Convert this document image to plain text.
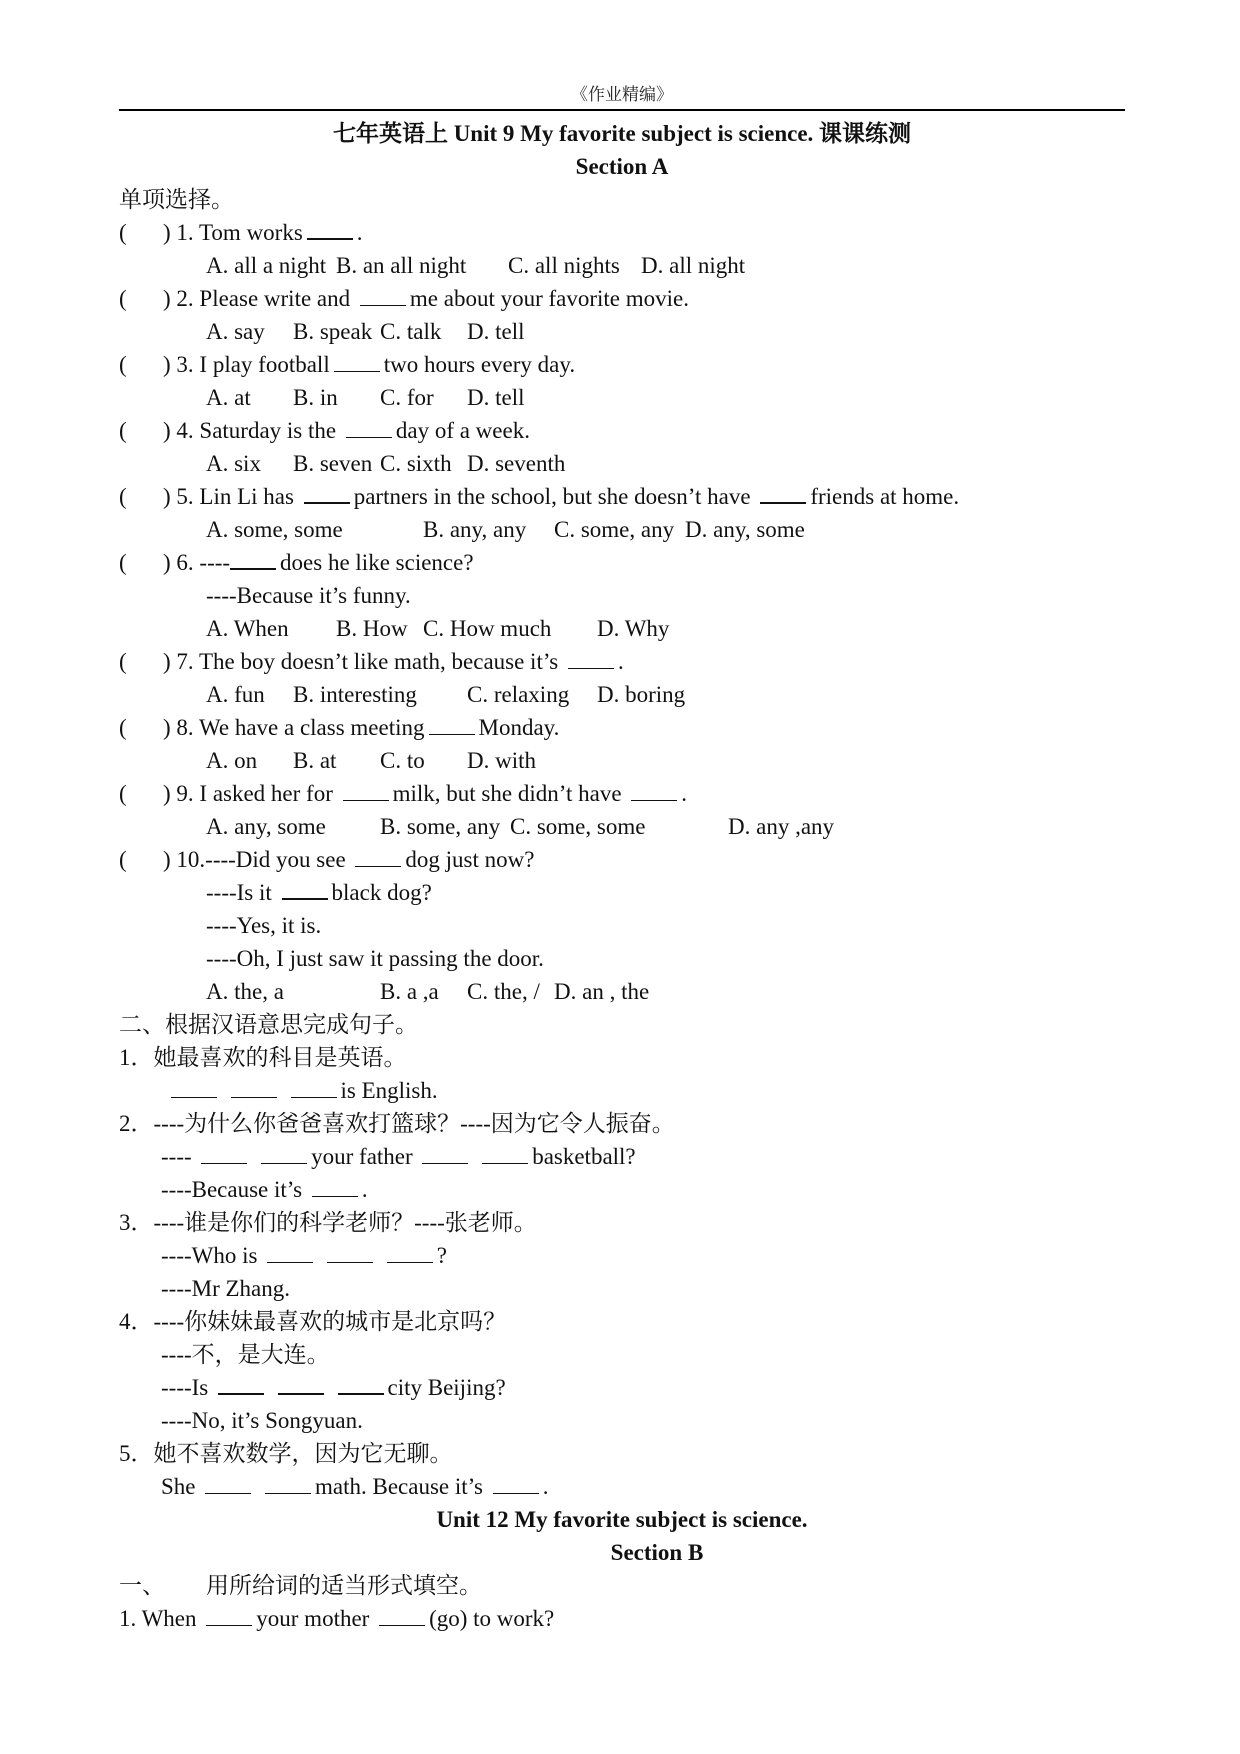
《作业精编》
七年英语上 Unit 9 My favorite subject is science. 课课练测
Section A
单项选择。
( ) 1. Tom works .
A. all a night B. an all night C. all nights D. all night
( ) 2. Please write and	me about your favorite movie.
A. say B. speak C. talk D. tell
( ) 3. I play football two hours every day.
A. at B. in C. for D. tell
( ) 4. Saturday is the	day of a week.
A. six B. seven C. sixth D. seventh
( ) 5. Lin Li has	partners in the school, but she doesn’t have	friends at home.
A. some, some	B. any, any C. some, any D. any, some
( ) 6. ---- does he like science?
----Because it’s funny.
A. When B. How C. How much D. Why
( ) 7. The boy doesn’t like math, because it’s	.
A. fun B. interesting C. relaxing D. boring
( ) 8. We have a class meeting Monday.
A. on B. at C. to D. with
( ) 9. I asked her for	milk, but she didn’t have	.
A. any, some B. some, any C. some, some	D. any ,any
( ) 10.----Did you see	dog just now?
----Is it	black dog?
----Yes, it is.
----Oh, I just saw it passing the door.
A. the, a	B. a ,a C. the, / D. an , the
二、根据汉语意思完成句子。
1．她最喜欢的科目是英语。
is English.
2．----为什么你爸爸喜欢打篮球？----因为它令人振奋。
----	your father	basketball?
----Because it’s	.
3．----谁是你们的科学老师？----张老师。
----Who is	?
----Mr Zhang.
4．----你妹妹最喜欢的城市是北京吗？
----不，是大连。
----Is	city Beijing?
----No, it’s Songyuan.
5．她不喜欢数学，因为它无聊。
She	math. Because it’s	.
Unit 12 My favorite subject is science.
Section B
一、 用所给词的适当形式填空。
1. When	your mother	(go) to work?
